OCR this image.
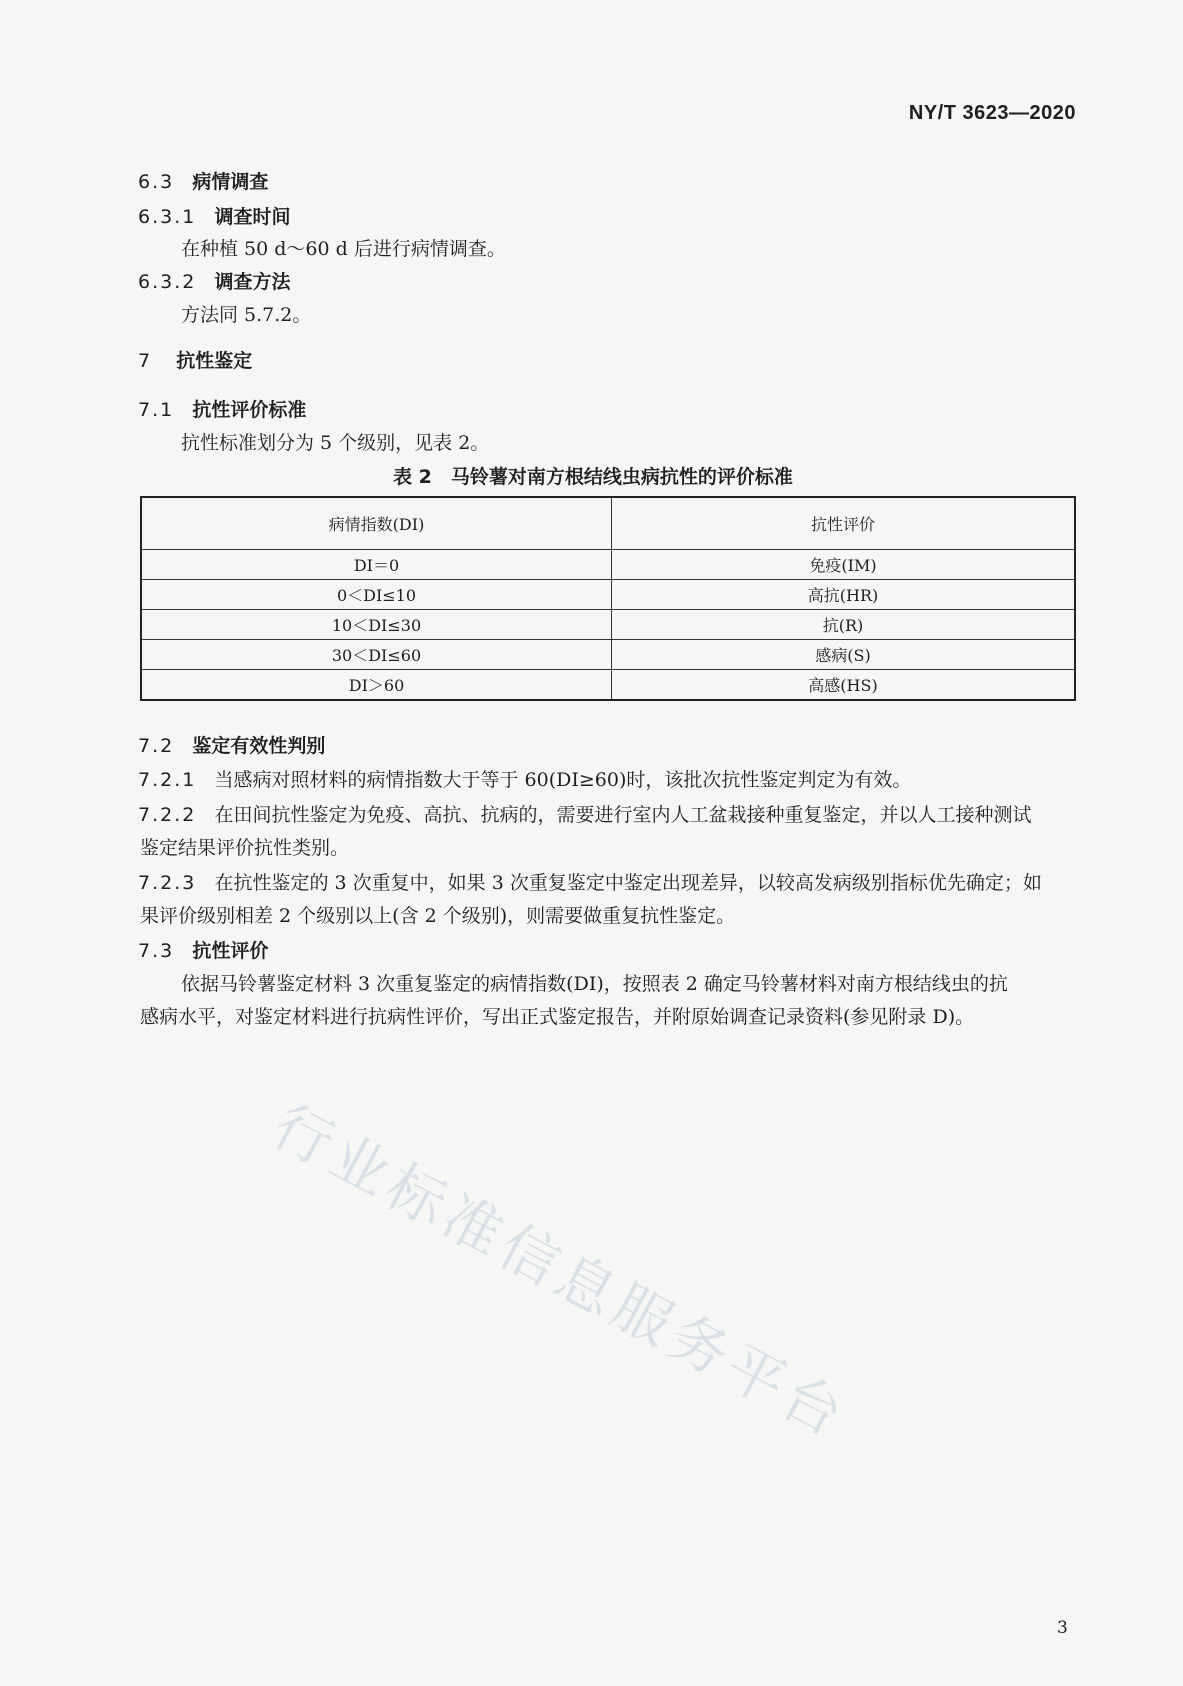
NY/T 3623—2020
6.3 病情调查
6.3.1 调查时间
在种植 50 d～60 d 后进行病情调查。
6.3.2 调查方法
方法同 5.7.2。
7 抗性鉴定
7.1 抗性评价标准
抗性标准划分为 5 个级别，见表 2。
表 2　马铃薯对南方根结线虫病抗性的评价标准
病情指数(DI)	抗性评价
DI＝0	免疫(IM)
0＜DI≤10	高抗(HR)
10＜DI≤30	抗(R)
30＜DI≤60	感病(S)
DI＞60	高感(HS)
7.2 鉴定有效性判别
7.2.1 当感病对照材料的病情指数大于等于 60(DI≥60)时，该批次抗性鉴定判定为有效。
7.2.2 在田间抗性鉴定为免疫、高抗、抗病的，需要进行室内人工盆栽接种重复鉴定，并以人工接种测试
鉴定结果评价抗性类别。
7.2.3 在抗性鉴定的 3 次重复中，如果 3 次重复鉴定中鉴定出现差异，以较高发病级别指标优先确定；如
果评价级别相差 2 个级别以上(含 2 个级别)，则需要做重复抗性鉴定。
7.3 抗性评价
依据马铃薯鉴定材料 3 次重复鉴定的病情指数(DI)，按照表 2 确定马铃薯材料对南方根结线虫的抗
感病水平，对鉴定材料进行抗病性评价，写出正式鉴定报告，并附原始调查记录资料(参见附录 D)。
行业标准信息服务平台
3
